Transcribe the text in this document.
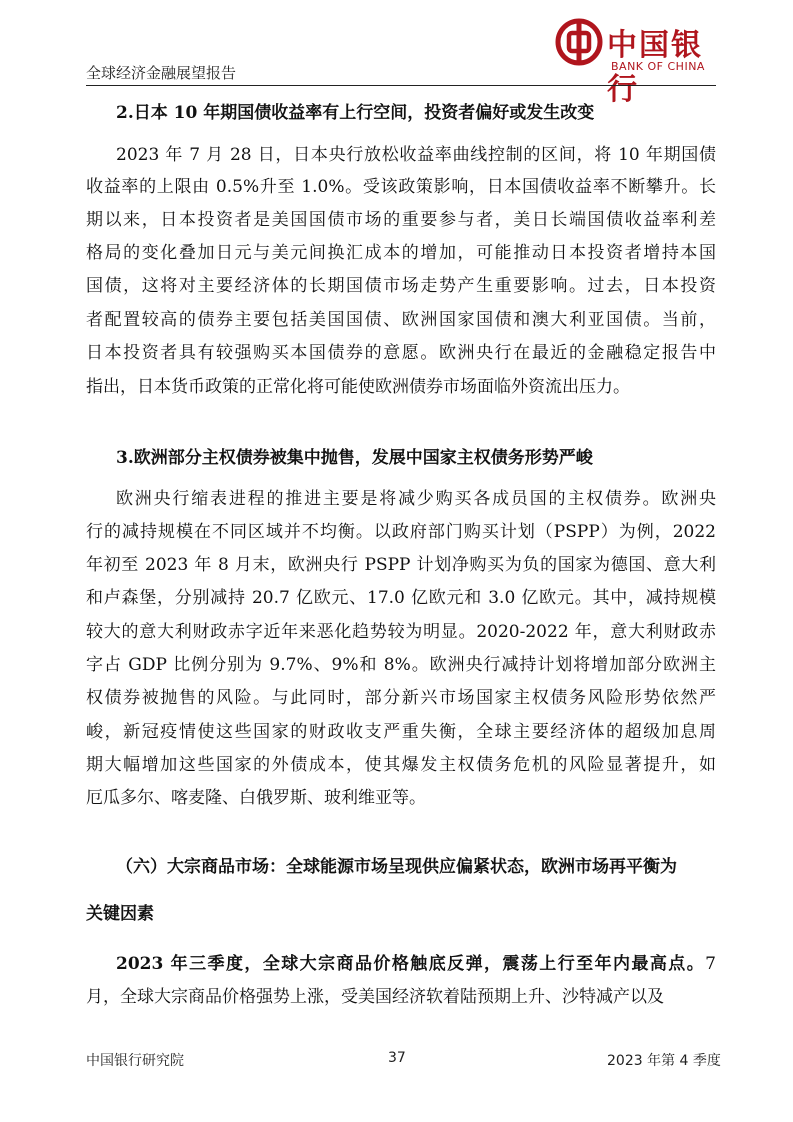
全球经济金融展望报告
中国银行
BANK OF CHINA
2.日本 10 年期国债收益率有上行空间，投资者偏好或发生改变
2023 年 7 月 28 日，日本央行放松收益率曲线控制的区间，将 10 年期国债
收益率的上限由 0.5%升至 1.0%。受该政策影响，日本国债收益率不断攀升。长
期以来，日本投资者是美国国债市场的重要参与者，美日长端国债收益率利差
格局的变化叠加日元与美元间换汇成本的增加，可能推动日本投资者增持本国
国债，这将对主要经济体的长期国债市场走势产生重要影响。过去，日本投资
者配置较高的债券主要包括美国国债、欧洲国家国债和澳大利亚国债。当前，
日本投资者具有较强购买本国债券的意愿。欧洲央行在最近的金融稳定报告中
指出，日本货币政策的正常化将可能使欧洲债券市场面临外资流出压力。
3.欧洲部分主权债券被集中抛售，发展中国家主权债务形势严峻
欧洲央行缩表进程的推进主要是将减少购买各成员国的主权债券。欧洲央
行的减持规模在不同区域并不均衡。以政府部门购买计划（PSPP）为例，2022
年初至 2023 年 8 月末，欧洲央行 PSPP 计划净购买为负的国家为德国、意大利
和卢森堡，分别减持 20.7 亿欧元、17.0 亿欧元和 3.0 亿欧元。其中，减持规模
较大的意大利财政赤字近年来恶化趋势较为明显。2020-2022 年，意大利财政赤
字占 GDP 比例分别为 9.7%、9%和 8%。欧洲央行减持计划将增加部分欧洲主
权债券被抛售的风险。与此同时，部分新兴市场国家主权债务风险形势依然严
峻，新冠疫情使这些国家的财政收支严重失衡，全球主要经济体的超级加息周
期大幅增加这些国家的外债成本，使其爆发主权债务危机的风险显著提升，如
厄瓜多尔、喀麦隆、白俄罗斯、玻利维亚等。
（六）大宗商品市场：全球能源市场呈现供应偏紧状态，欧洲市场再平衡为
关键因素
2023 年三季度，全球大宗商品价格触底反弹，震荡上行至年内最高点。7
月，全球大宗商品价格强势上涨，受美国经济软着陆预期上升、沙特减产以及
中国银行研究院	37	2023 年第 4 季度
